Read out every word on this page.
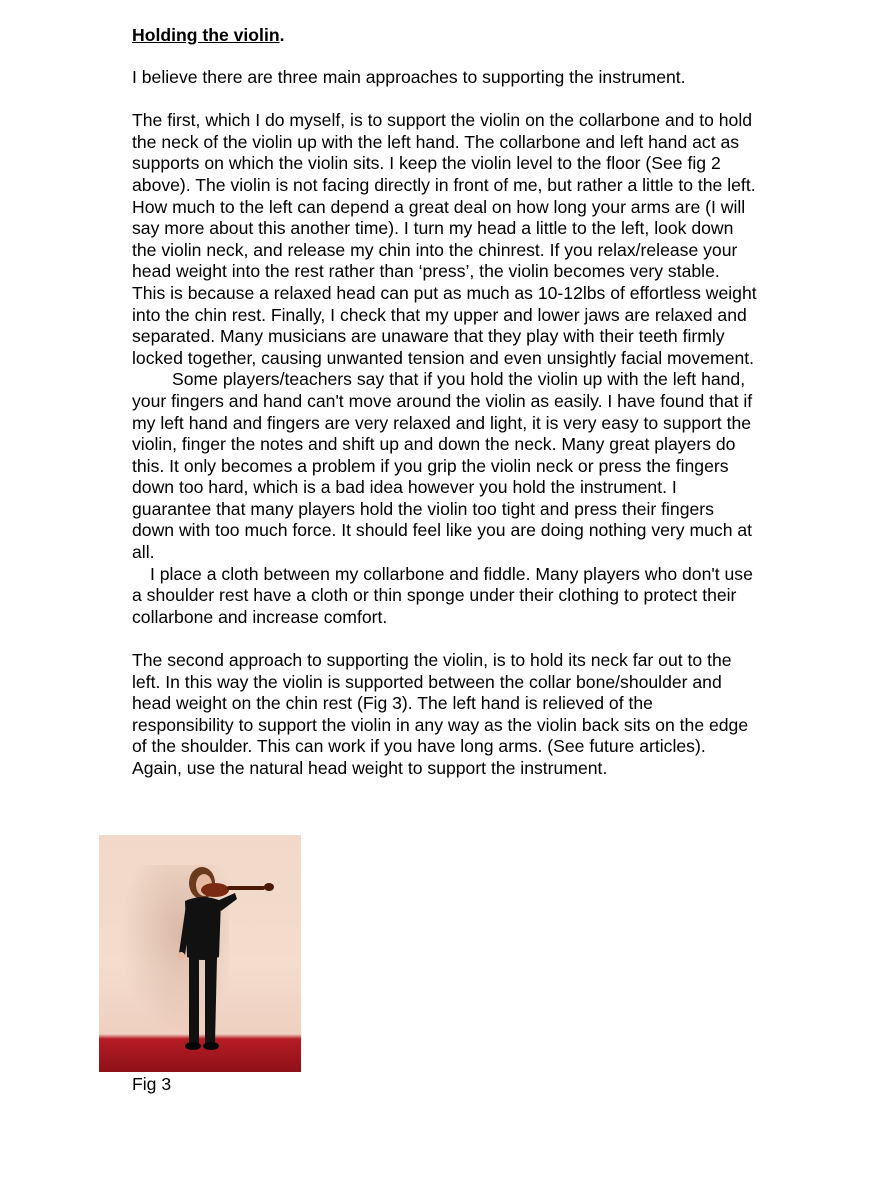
Holding the violin.

I believe there are three main approaches to supporting the instrument.

The first, which I do myself, is to support the violin on the collarbone and to hold the neck of the violin up with the left hand. The collarbone and left hand act as supports on which the violin sits. I keep the violin level to the floor (See fig 2 above). The violin is not facing directly in front of me, but rather a little to the left. How much to the left can depend a great deal on how long your arms are (I will say more about this another time). I turn my head a little to the left, look down the violin neck, and release my chin into the chinrest. If you relax/release your head weight into the rest rather than ‘press’, the violin becomes very stable. This is because a relaxed head can put as much as 10-12lbs of effortless weight into the chin rest. Finally, I check that my upper and lower jaws are relaxed and separated. Many musicians are unaware that they play with their teeth firmly locked together, causing unwanted tension and even unsightly facial movement.

Some players/teachers say that if you hold the violin up with the left hand, your fingers and hand can't move around the violin as easily. I have found that if my left hand and fingers are very relaxed and light, it is very easy to support the violin, finger the notes and shift up and down the neck. Many great players do this. It only becomes a problem if you grip the violin neck or press the fingers down too hard, which is a bad idea however you hold the instrument. I guarantee that many players hold the violin too tight and press their fingers down with too much force. It should feel like you are doing nothing very much at all.

I place a cloth between my collarbone and fiddle. Many players who don't use a shoulder rest have a cloth or thin sponge under their clothing to protect their collarbone and increase comfort.

The second approach to supporting the violin, is to hold its neck far out to the left. In this way the violin is supported between the collar bone/shoulder and head weight on the chin rest (Fig 3). The left hand is relieved of the responsibility to support the violin in any way as the violin back sits on the edge of the shoulder. This can work if you have long arms. (See future articles). Again, use the natural head weight to support the instrument.

Fig 3
